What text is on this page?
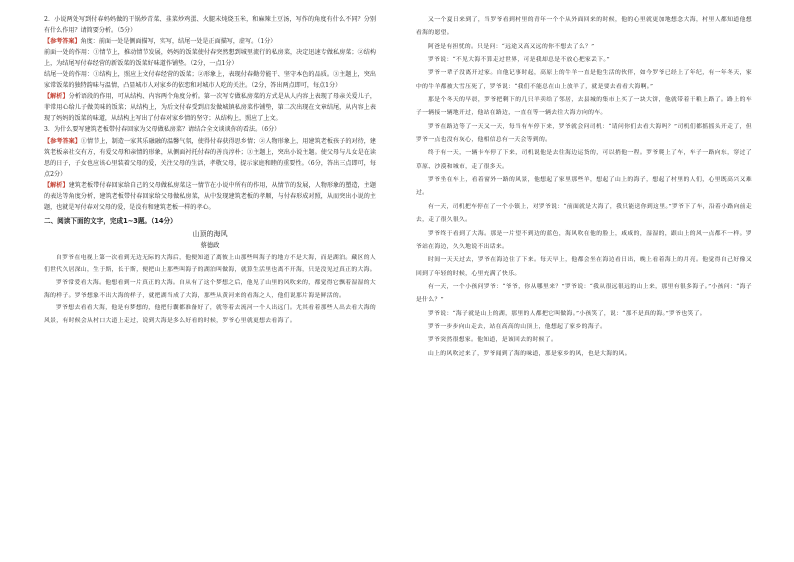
2．小说两处写到付春妈妈做的干锅炒青菜、韭菜炒鸡蛋、火腿末炖烧玉米，和麻辣土豆汤，写作的角度有什么不同？分别有什么作用？请简要分析。（5分）

【参考答案】角度：前面一处是侧面描写，实写，结尾一处是正面描写，虚写。（1分）

前面一处的作用：①情节上，推动情节发展，妈妈的饭菜使付春突然想到城里流行的私房菜，决定迅速专做私房菜；②结构上，为结尾写付春经营的新饭菜的饭菜好味道作铺垫。（2分，一点1分）

结尾一处的作用：①结构上，照应上文付春经营的饭菜；②形象上，表现付春勤劳能干、坚守本色的品质。③主题上，突出家常饭菜的独特韵味与温情，凸显城市人对家乡的依恋和对城市人吃的关注。（2分，答出两点即可，每点1分）

【解析】分析语段的作用，可从结构、内容两个角度分析。第一次写专做私房菜的方式是从人内容上表现了母亲关爱儿子，菲常用心给儿子做美味的饭菜；从结构上，为后文付春受到启发做城镇私房菜作铺垫，第二次出现在文章结尾，从内容上表现了妈妈的饭菜的味道，从结构上写出了付春对家乡情的坚守；从结构上，照应了上文。

3．为什么要写建筑老板带付春回家为父母做私房菜？请结合全文谈谈你的看法。（6分）

【参考答案】①情节上，制造一家其乐融融的温馨气氛，使得付春获得思乡情；②人物形象上，用建筑老板孩子的对待，建筑老板亲社交有方，有爱父母和亲情的形象，从侧面衬托付春的善良淳朴；③主题上，突出小说主题。使父母与儿女是在读思的日子，子女也应该心里装着父母的爱，关注父母的生活，孝敬父母，提示家庭和睦的重要性。（6分，答出三点即可，每点2分）

【解析】建筑老板带付春回家给自己的父母做私房菜这一情节在小说中所有的作用，从情节的发展，人物形象的塑造，主题的表达等角度分析，建筑老板带付春回家给父母做私房菜，从中发现建筑老板的孝顺，与付春形成对照，从而突出小说的主题，也就是写付春对父母的爱，是没有和建筑老板一样的孝心。

二、阅读下面的文字，完成1~3题。（14分）
山顶的海风
蔡德政

自罗爷在电视上第一次看到无边无际的大海后，他便知道了离彼上山那些叫海子的地方不是大海，而是湖泊。藏区的人们世代久居深山，生于斯，长于斯，便把山上那些叫海子的湖泊叫做海，就算生活里也离不开海，只是没见过真正的大海。

罗爷常爱看大海。他想看到一片真正的大海。自从有了这个梦想之后，他见了山里的风吹来的，都觉得它飘着湿湿的大海的样子。罗爷想象不出大海的样子，就把湖当成了大海，那些从黄河来的看海之人，他们说那片海是鲜活的。

罗爷想去看看大海，他是有梦想的，他把行囊都准备好了，就等着去流河一个人出远门。尤其看着那些人出去看大海的风景，有时候会从村口大道上走过，说到大海是多么好看的时候，罗爷心里就更想去看海了。

又一个夏日来到了，当罗爷看到村里的青年一个个从外面回来的时候，他的心里就更加地想念大海，村里人都知道他想看海的愿望。

阿爸是有担忧的。只是问：“远途又高又远的你不想去了么？”

罗爷说：“不见大海不算走过世界，可是我却总是不放心把家丢下。”

罗爷一辈子没离开过家。自他记事时起，高原上的牛羊一直是他生活的伙伴，如今罗爷已经上了年纪，有一年冬天，家中的牛羊都被大雪压死了，罗爷说：“我们不能总在山上放羊了，就是要去看看大海啊。”

那是个冬天的早晨，罗爷把剩下的几只羊卖给了邻居，去县城的集市上买了一块大饼，他就带着干粮上路了。路上的车子一辆接一辆地开过，他站在路边，一直在等一辆去往大海方向的车。

罗爷在路边等了一天又一天，每当有车停下来，罗爷就会问司机：“请问你们去看大海吗？”司机们都摇摇头开走了，但罗爷一点也没有灰心，他相信总有一天会等到的。

终于有一天，一辆卡车停了下来，司机说他是去往海边运货的，可以捎他一程。罗爷爬上了车，车子一路向东，穿过了草原、沙漠和城市，走了很多天。

罗爷坐在车上，看着窗外一路的风景，他想起了家里那些羊，想起了山上的海子，想起了村里的人们，心里既高兴又难过。

有一天，司机把车停在了一个小镇上，对罗爷说：“前面就是大海了，我只能送你到这里。”罗爷下了车，沿着小路向前走去，走了很久很久。

罗爷终于看到了大海。那是一片望不到边的蓝色，海风吹在他的脸上，咸咸的，湿湿的，跟山上的风一点都不一样。罗爷站在海边，久久地说不出话来。

时间一天天过去，罗爷在海边住了下来。每天早上，他都会坐在海边看日出，晚上看着海上的月亮。他觉得自己好像又回到了年轻的时候，心里充满了快乐。

有一天，一个小孩问罗爷：“爷爷，你从哪里来？”罗爷说：“我从很远很远的山上来，那里有很多海子。”小孩问：“海子是什么？”

罗爷说：“海子就是山上的湖，那里的人都把它叫做海。”小孩笑了，说：“那不是真的海。”罗爷也笑了。

罗爷一步步向山走去，站在高高的山顶上，他想起了家乡的海子。

罗爷突然很想家。他知道，是该回去的时候了。

山上的风吹过来了，罗爷闻到了海的味道，那是家乡的风，也是大海的风。
